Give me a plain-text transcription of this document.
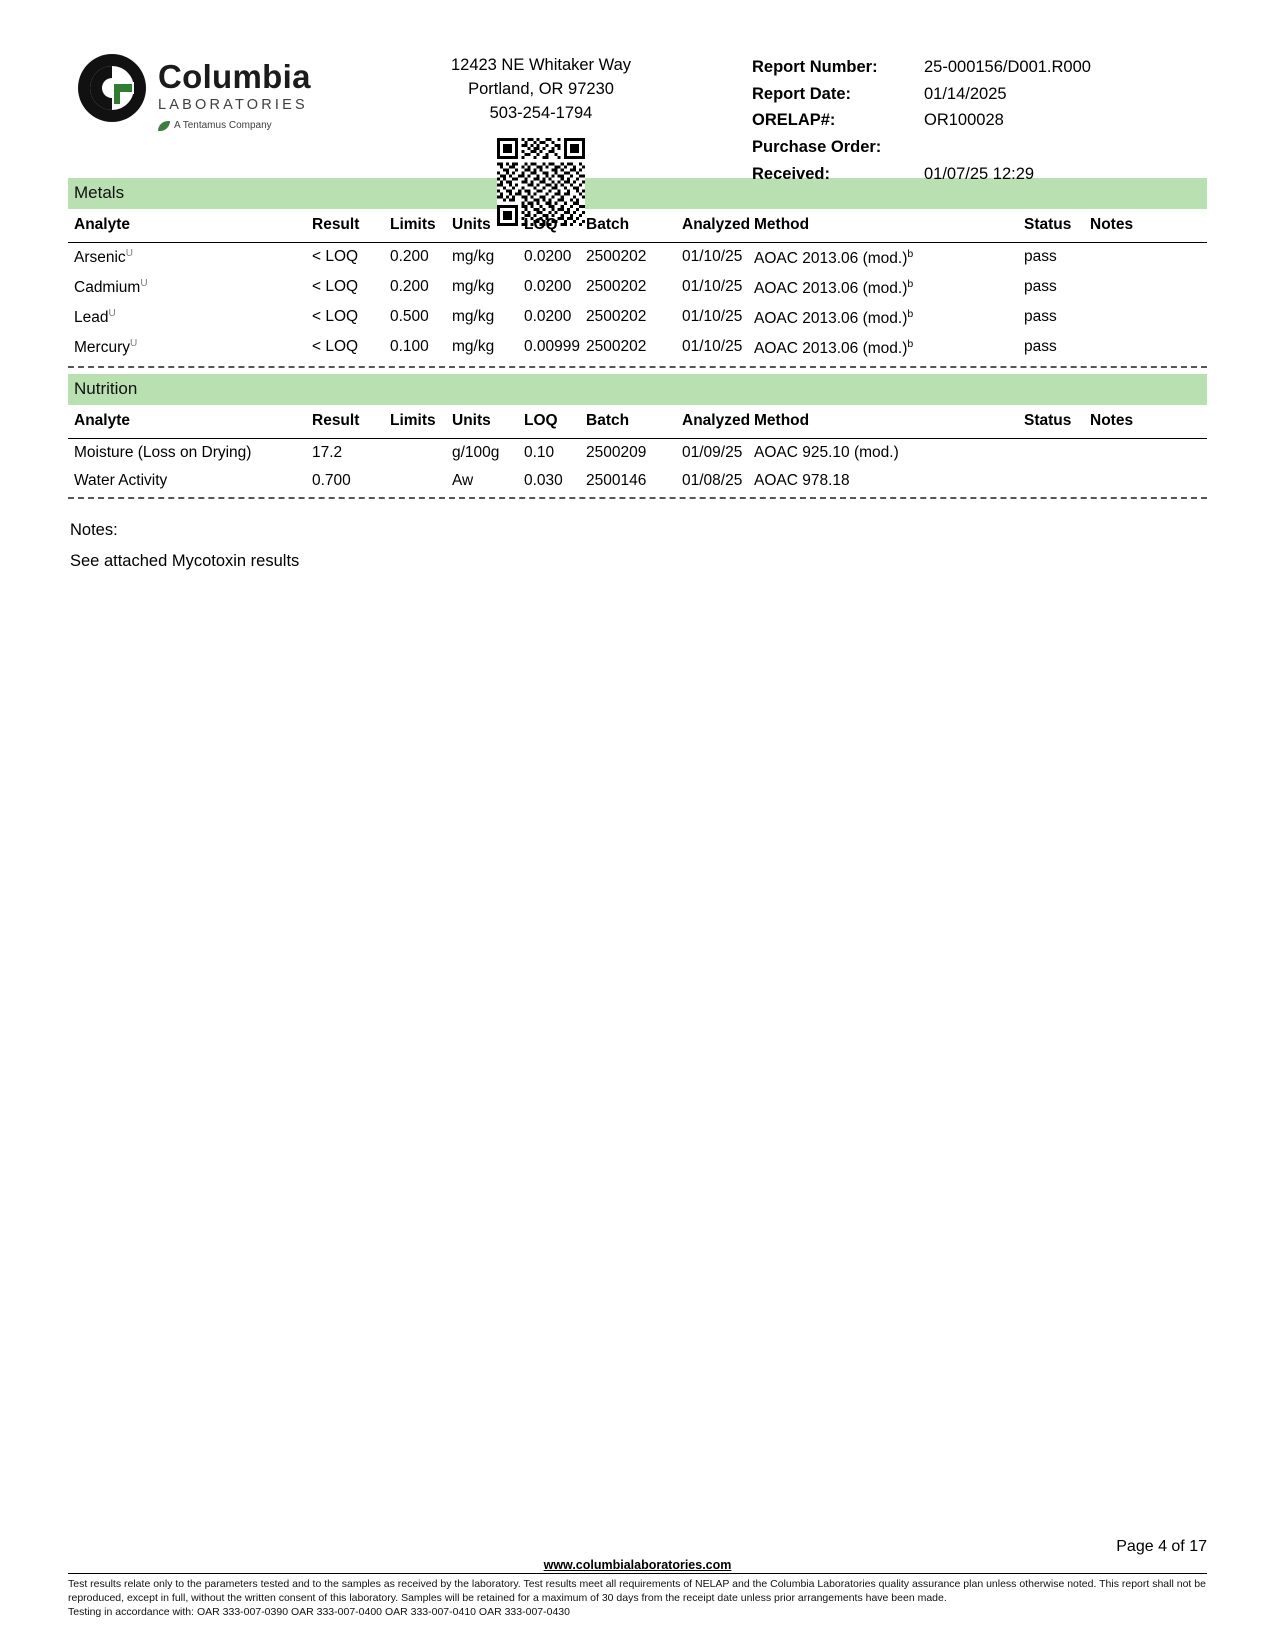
Columbia
LABORATORIES
A Tentamus Company
12423 NE Whitaker Way
Portland, OR 97230
503-254-1794
Report Number:	25-000156/D001.R000
Report Date:	01/14/2025
ORELAP#:	OR100028
Purchase Order:
Received:	01/07/25 12:29
Metals
Analyte	Result	Limits	Units	LOQ	Batch	Analyzed	Method	Status	Notes
Arsenic$^U$	< LOQ	0.200	mg/kg	0.0200	2500202	01/10/25	AOAC 2013.06 $(mod.)^b$	pass	
Cadmium$^U$	< LOQ	0.200	mg/kg	0.0200	2500202	01/10/25	AOAC 2013.06 $(mod.)^b$	pass	
Lead$^U$	< LOQ	0.500	mg/kg	0.0200	2500202	01/10/25	AOAC 2013.06 $(mod.)^b$	pass	
Mercury$^U$	< LOQ	0.100	mg/kg	0.00999	2500202	01/10/25	AOAC 2013.06 $(mod.)^b$	pass	
Nutrition
Analyte	Result	Limits	Units	LOQ	Batch	Analyzed	Method	Status	Notes
Moisture (Loss on Drying)	17.2		g/100g	0.10	2500209	01/09/25	AOAC 925.10 (mod.)		
Water Activity	0.700		Aw	0.030	2500146	01/08/25	AOAC 978.18		
Notes:
See attached Mycotoxin results
Page 4 of 17
www.columbialaboratories.com
Test results relate only to the parameters tested and to the samples as received by the laboratory. Test results meet all requirements of NELAP and the Columbia Laboratories quality assurance plan unless otherwise noted. This report shall not be reproduced, except in full, without the written consent of this laboratory. Samples will be retained for a maximum of 30 days from the receipt date unless prior arrangements have been made.
Testing in accordance with: OAR 333-007-0390 OAR 333-007-0400 OAR 333-007-0410 OAR 333-007-0430
